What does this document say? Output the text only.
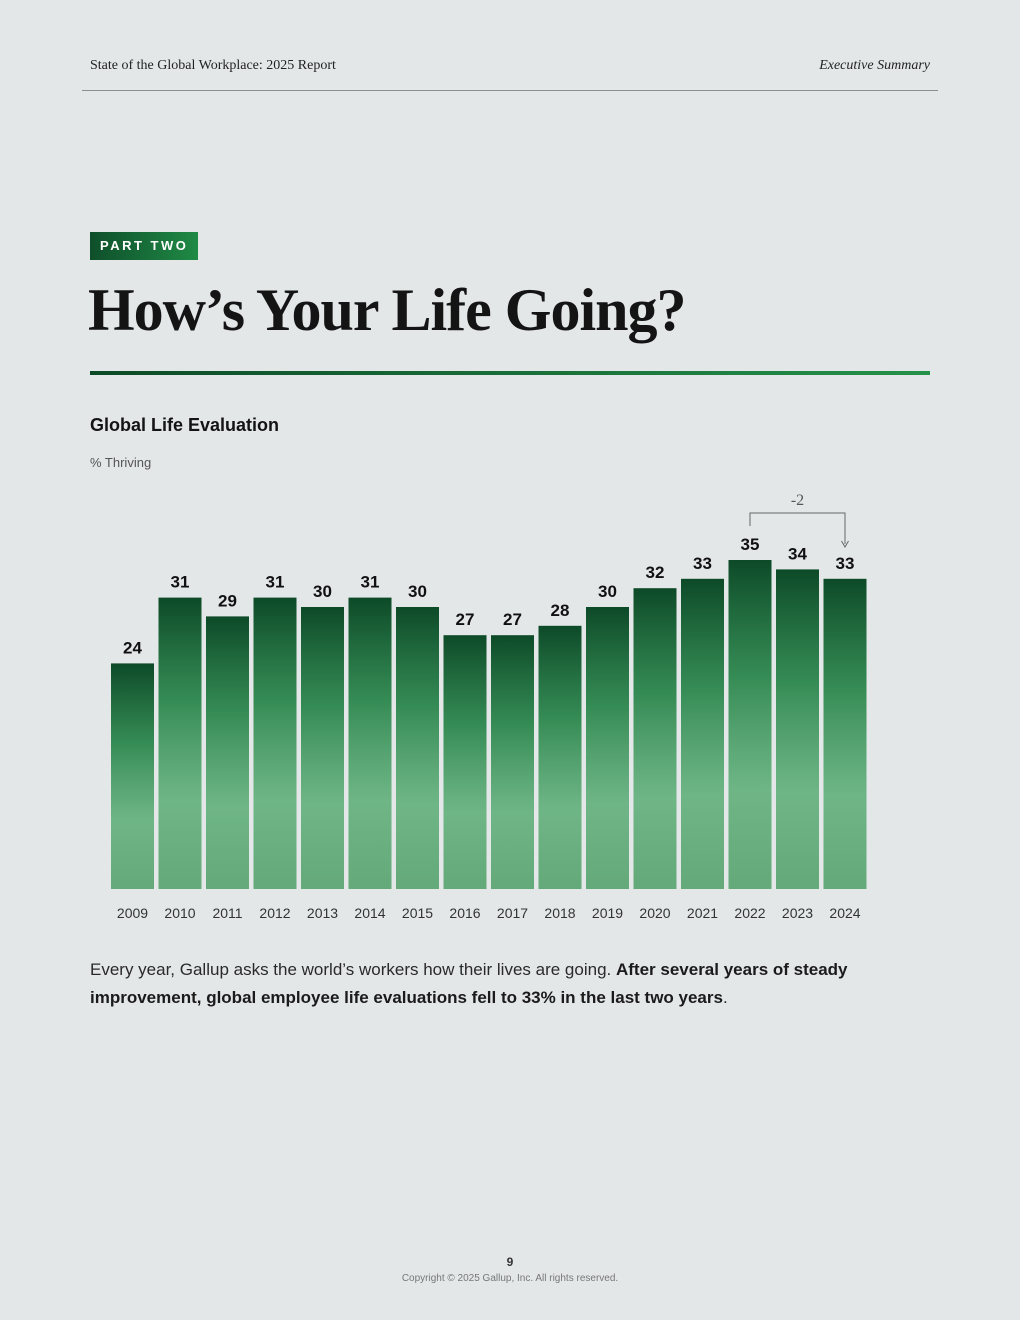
State of the Global Workplace: 2025 Report	Executive Summary
PART TWO
How’s Your Life Going?
Global Life Evaluation
% Thriving
24
2009
31
2010
29
2011
31
2012
30
2013
31
2014
30
2015
27
2016
27
2017
28
2018
30
2019
32
2020
33
2021
35
2022
34
2023
33
2024
-2

Every year, Gallup asks the world’s workers how their lives are going. After several years of steady improvement, global employee life evaluations fell to 33% in the last two years.

9
Copyright © 2025 Gallup, Inc. All rights reserved.
